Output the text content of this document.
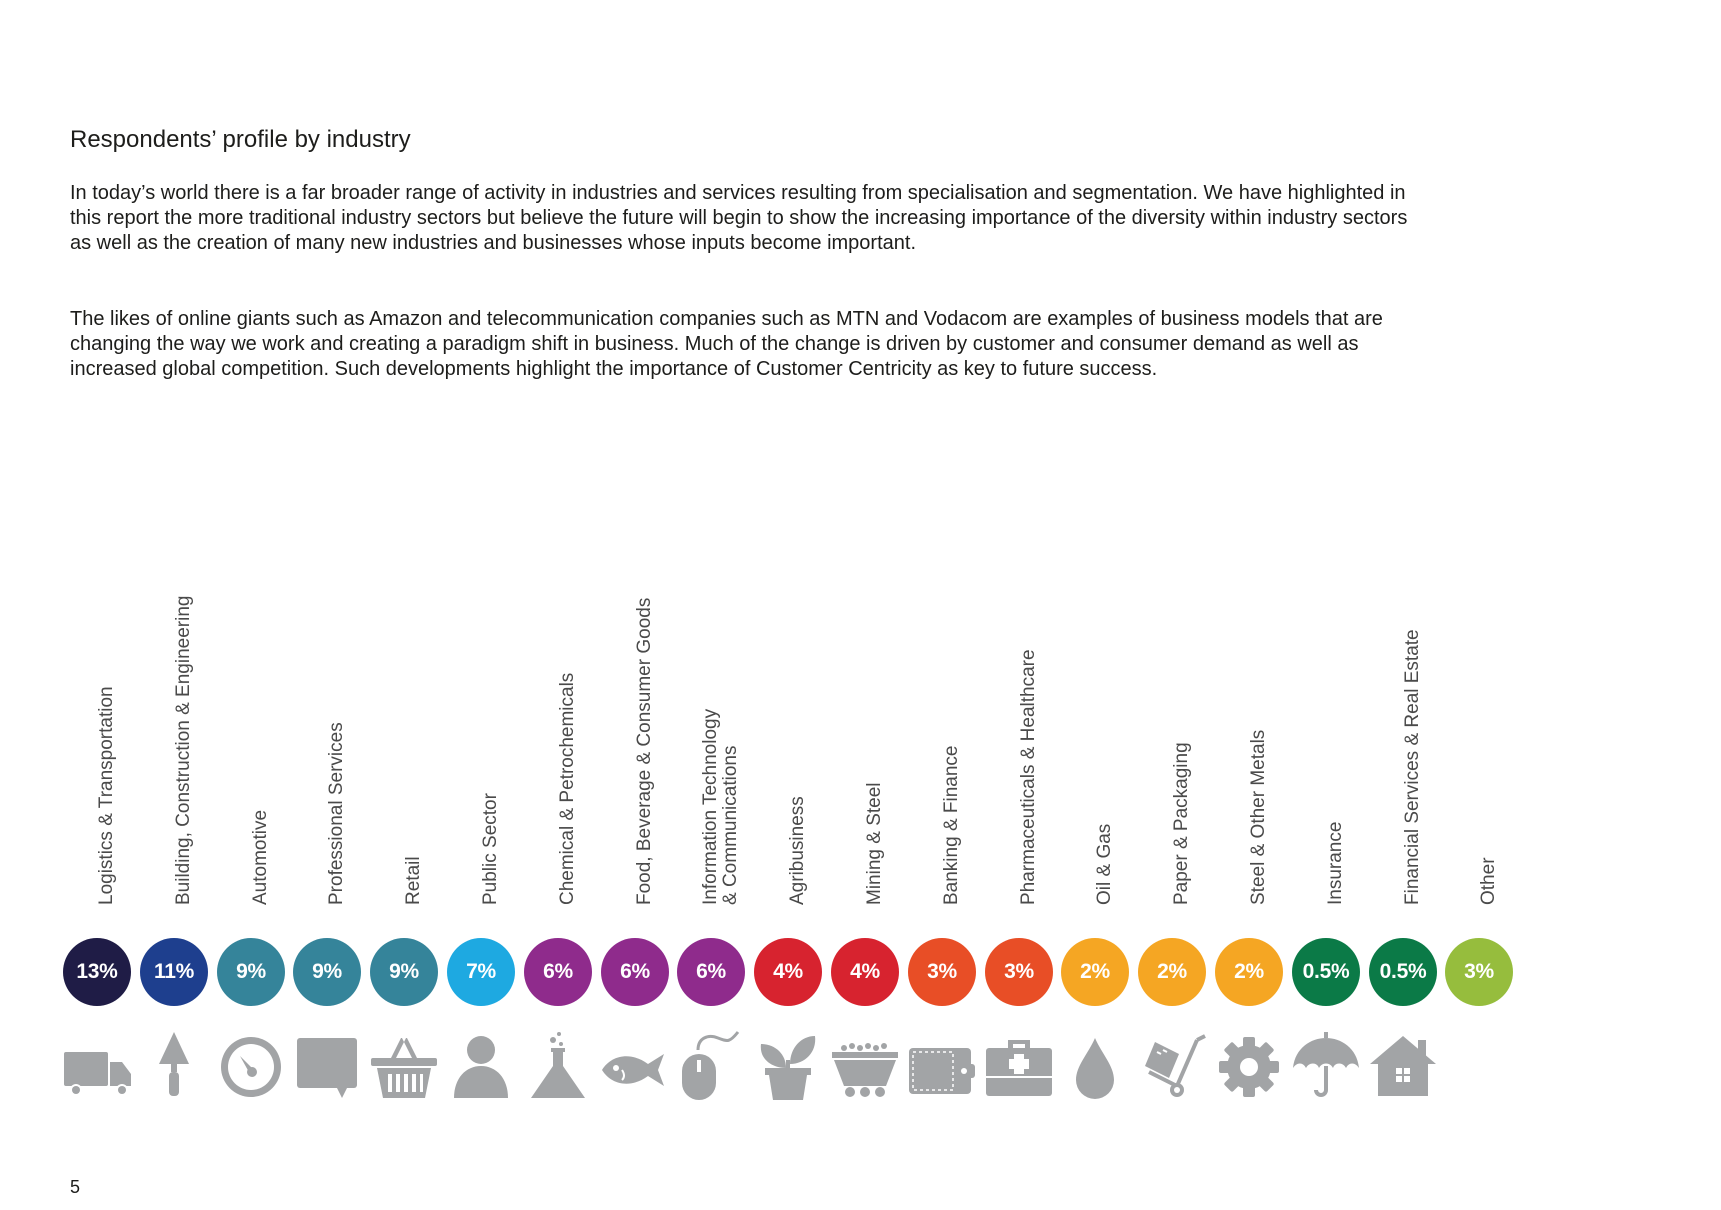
Respondents’ profile by industry

In today’s world there is a far broader range of activity in industries and services resulting from specialisation and segmentation. We have highlighted in this report the more traditional industry sectors but believe the future will begin to show the increasing importance of the diversity within industry sectors as well as the creation of many new industries and businesses whose inputs become important.

The likes of online giants such as Amazon and telecommunication companies such as MTN and Vodacom are examples of business models that are changing the way we work and creating a paradigm shift in business. Much of the change is driven by customer and consumer demand as well as increased global competition. Such developments highlight the importance of Customer Centricity as key to future success.

Logistics & Transportation
13%
Building, Construction & Engineering
11%
Automotive
9%
Professional Services
9%
Retail
9%
Public Sector
7%
Chemical & Petrochemicals
6%
Food, Beverage & Consumer Goods
6%
Information Technology & Communications
6%
Agribusiness
4%
Mining & Steel
4%
Banking & Finance
3%
Pharmaceuticals & Healthcare
3%
Oil & Gas
2%
Paper & Packaging
2%
Steel & Other Metals
2%
Insurance
0.5%
Financial Services & Real Estate
0.5%
Other
3%
5
